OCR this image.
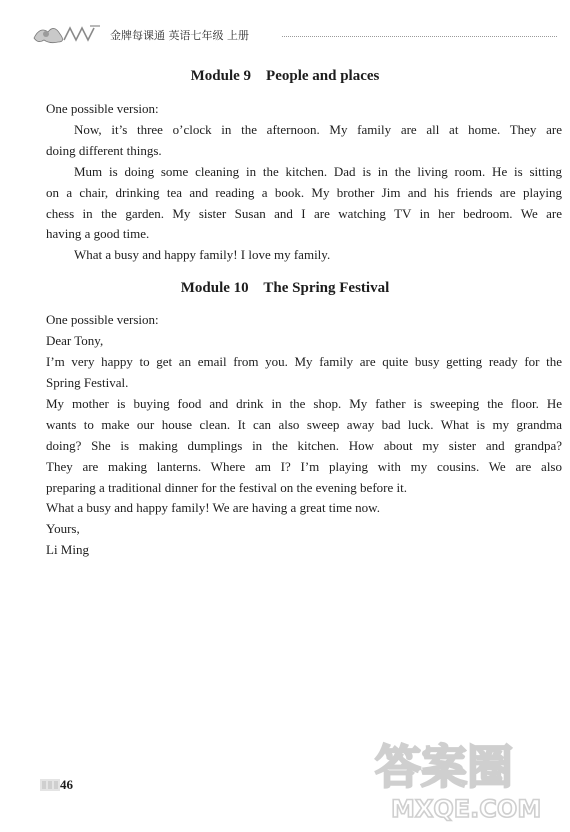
金牌每课通 英语七年级 上册
Module 9    People and places
One possible version:
Now, it’s three o’clock in the afternoon. My family are all at home. They are
doing different things.
Mum is doing some cleaning in the kitchen. Dad is in the living room. He is sitting
on a chair, drinking tea and reading a book. My brother Jim and his friends are playing
chess in the garden. My sister Susan and I are watching TV in her bedroom. We are
having a good time.
What a busy and happy family! I love my family.
Module 10    The Spring Festival
One possible version:
Dear Tony,
I’m very happy to get an email from you. My family are quite busy getting ready for the
Spring Festival.
My mother is buying food and drink in the shop. My father is sweeping the floor. He
wants to make our house clean. It can also sweep away bad luck. What is my grandma
doing? She is making dumplings in the kitchen. How about my sister and grandpa?
They are making lanterns. Where am I? I’m playing with my cousins. We are also
preparing a traditional dinner for the festival on the evening before it.
What a busy and happy family! We are having a great time now.
Yours,
Li Ming
46	答案圈
MXQE.COM
